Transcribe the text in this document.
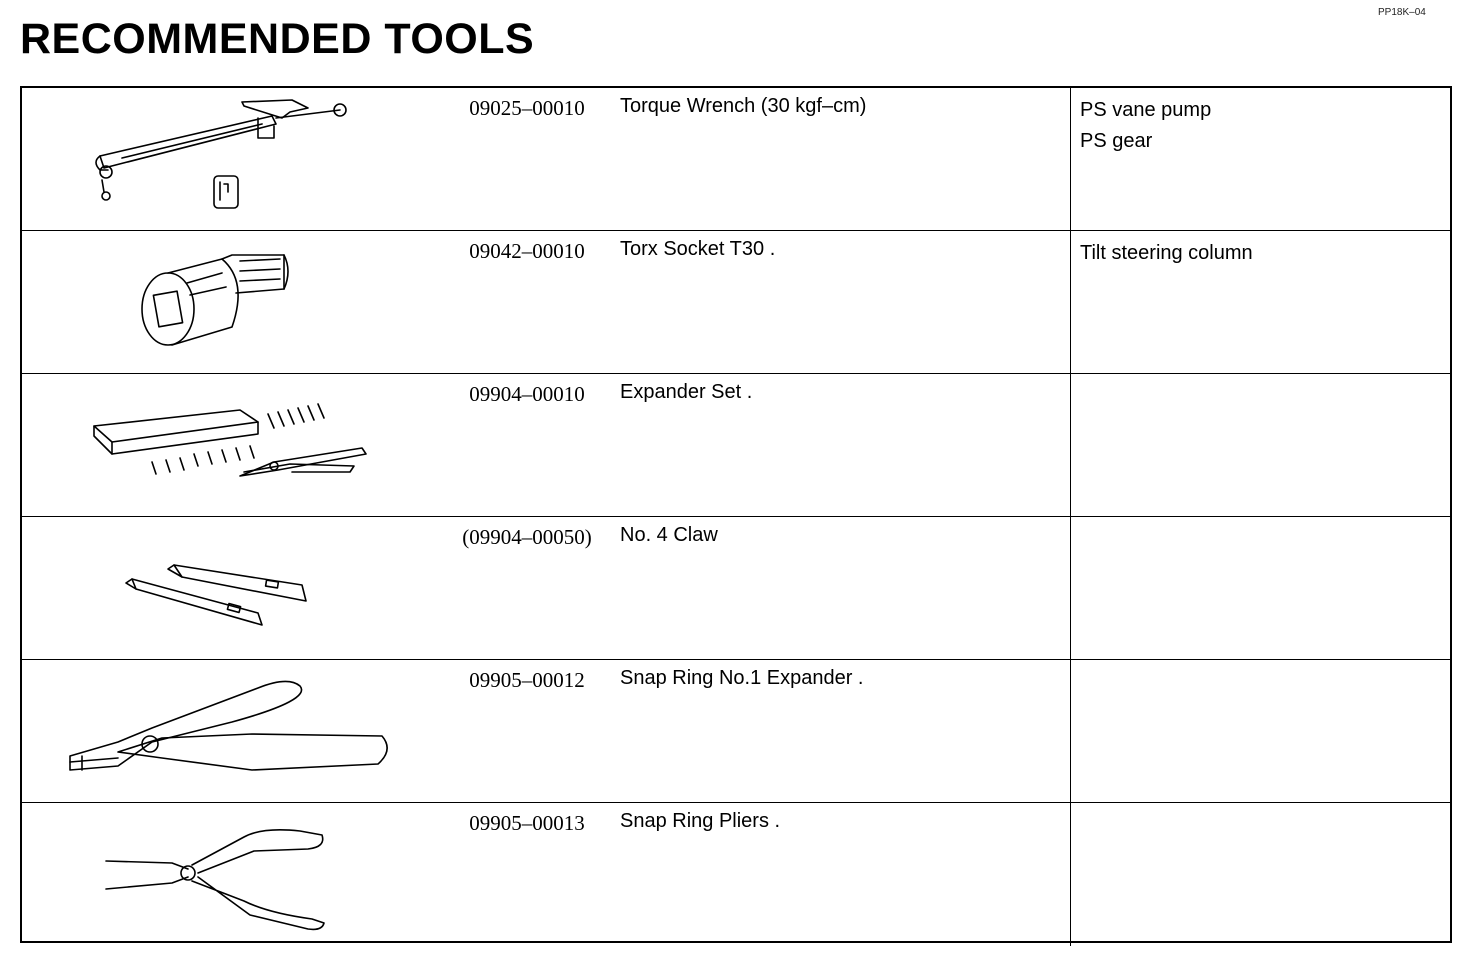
RECOMMENDED TOOLS
PP18K–04
09025–00010	Torque Wrench (30 kgf–cm)	PS vane pump
PS gear
09042–00010	Torx Socket T30 .	Tilt steering column
09904–00010	Expander Set .
(09904–00050)	No. 4 Claw
09905–00012	Snap Ring No.1 Expander .
09905–00013	Snap Ring Pliers .
